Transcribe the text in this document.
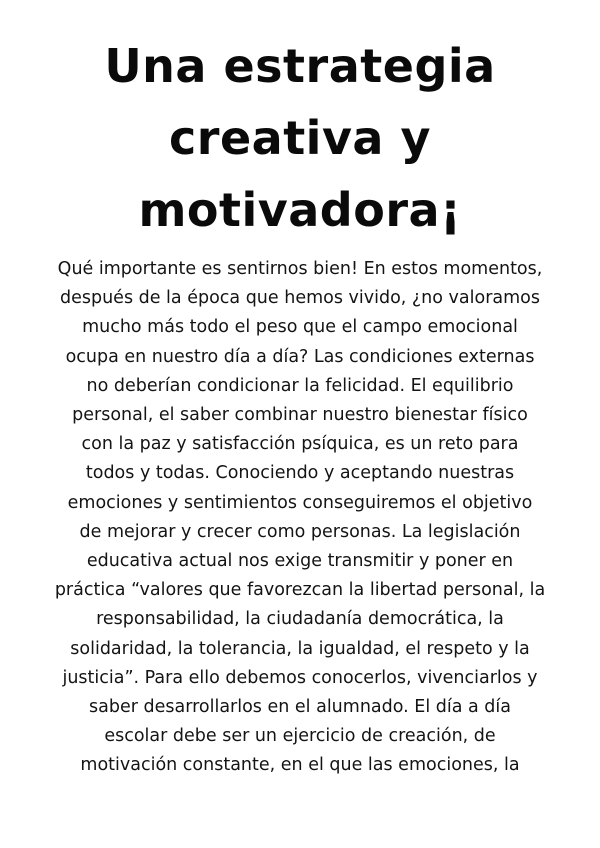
Una estrategia
creativa y
motivadora¡
Qué importante es sentirnos bien! En estos momentos,
después de la época que hemos vivido, ¿no valoramos
mucho más todo el peso que el campo emocional
ocupa en nuestro día a día? Las condiciones externas
no deberían condicionar la felicidad. El equilibrio
personal, el saber combinar nuestro bienestar físico
con la paz y satisfacción psíquica, es un reto para
todos y todas. Conociendo y aceptando nuestras
emociones y sentimientos conseguiremos el objetivo
de mejorar y crecer como personas. La legislación
educativa actual nos exige transmitir y poner en
práctica “valores que favorezcan la libertad personal, la
responsabilidad, la ciudadanía democrática, la
solidaridad, la tolerancia, la igualdad, el respeto y la
justicia”. Para ello debemos conocerlos, vivenciarlos y
saber desarrollarlos en el alumnado. El día a día
escolar debe ser un ejercicio de creación, de
motivación constante, en el que las emociones, la
